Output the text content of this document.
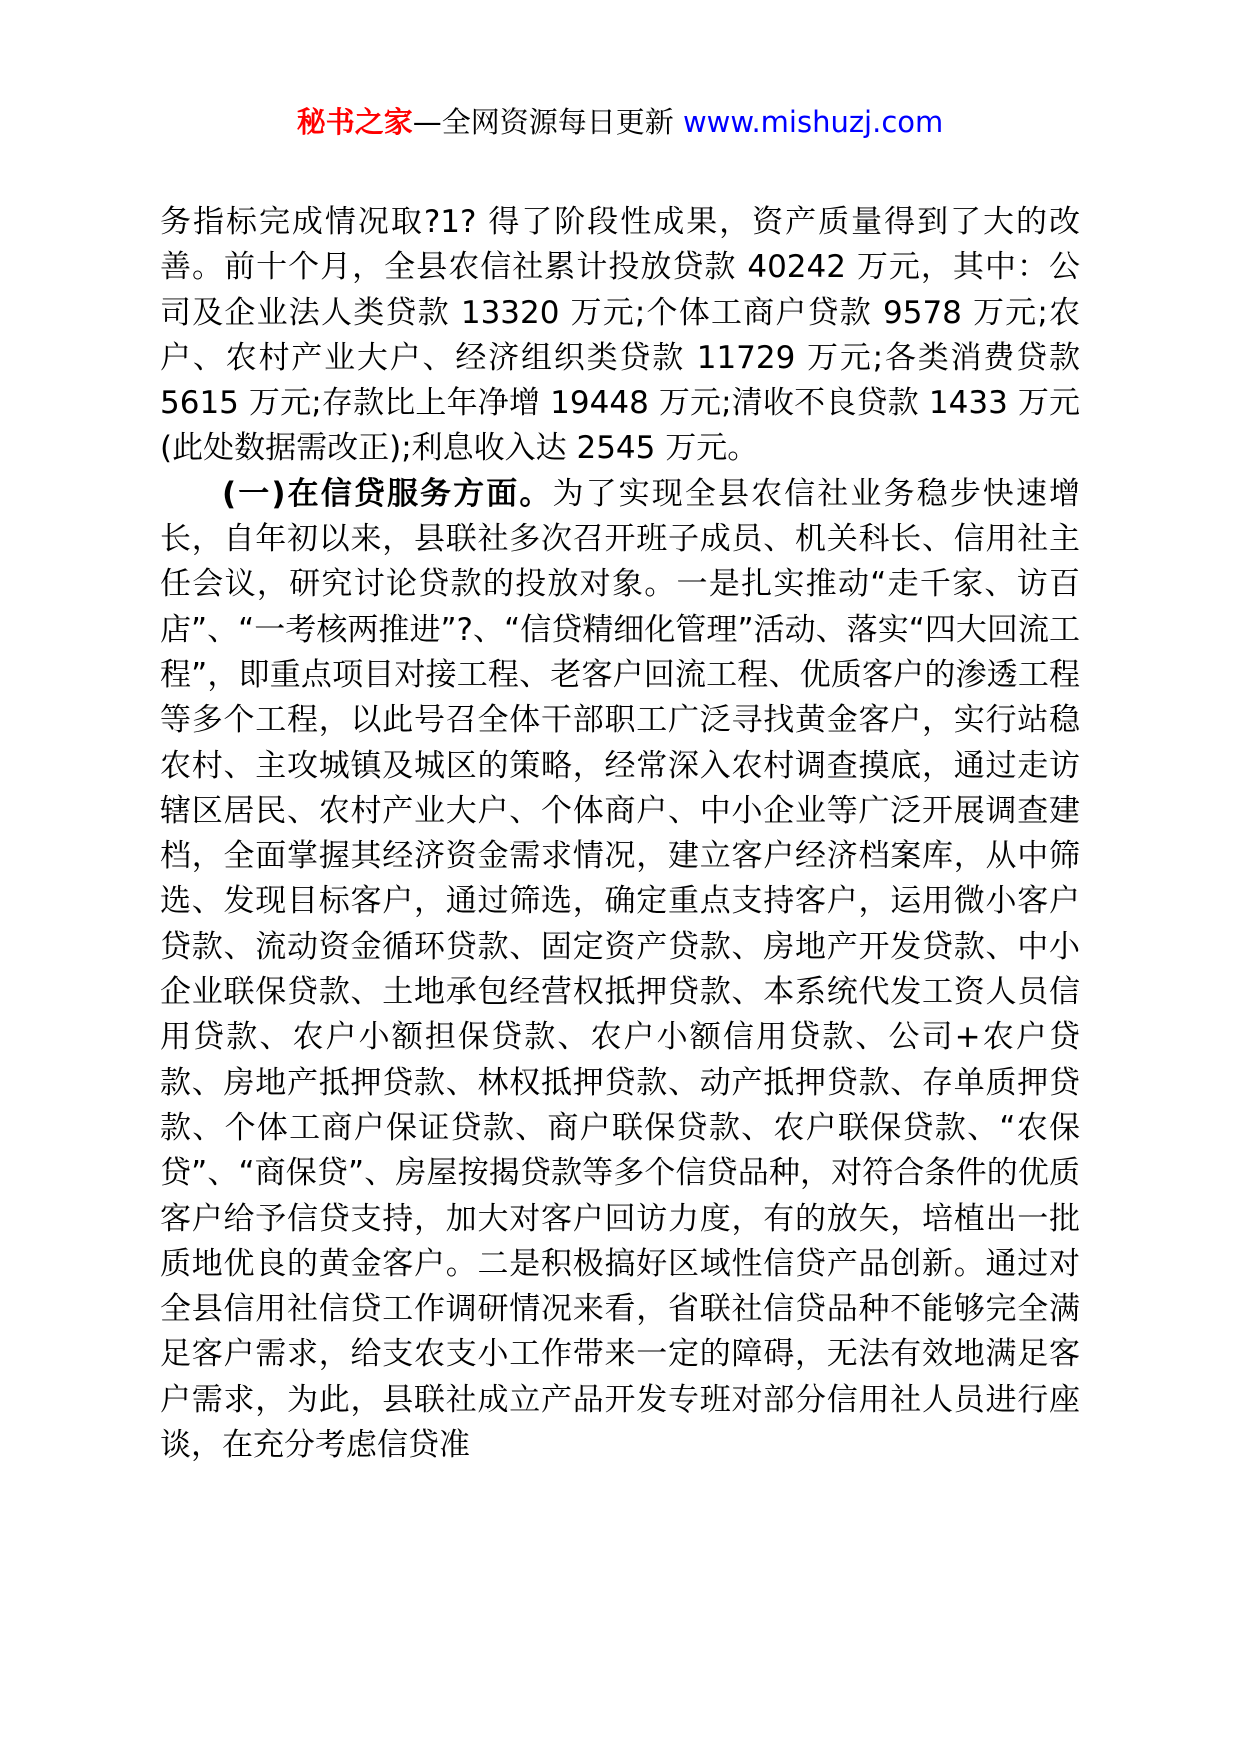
秘书之家—全网资源每日更新 www.mishuzj.com

务指标完成情况取?1? 得了阶段性成果，资产质量得到了大的改善。前十个月，全县农信社累计投放贷款 40242 万元，其中：公司及企业法人类贷款 13320 万元;个体工商户贷款 9578 万元;农户、农村产业大户、经济组织类贷款 11729 万元;各类消费贷款 5615 万元;存款比上年净增 19448 万元;清收不良贷款 1433 万元(此处数据需改正);利息收入达 2545 万元。

(一)在信贷服务方面。为了实现全县农信社业务稳步快速增长，自年初以来，县联社多次召开班子成员、机关科长、信用社主任会议，研究讨论贷款的投放对象。一是扎实推动“走千家、访百店”、“一考核两推进”?、“信贷精细化管理”活动、落实“四大回流工程”，即重点项目对接工程、老客户回流工程、优质客户的渗透工程等多个工程，以此号召全体干部职工广泛寻找黄金客户，实行站稳农村、主攻城镇及城区的策略，经常深入农村调查摸底，通过走访辖区居民、农村产业大户、个体商户、中小企业等广泛开展调查建档，全面掌握其经济资金需求情况，建立客户经济档案库，从中筛选、发现目标客户，通过筛选，确定重点支持客户，运用微小客户贷款、流动资金循环贷款、固定资产贷款、房地产开发贷款、中小企业联保贷款、土地承包经营权抵押贷款、本系统代发工资人员信用贷款、农户小额担保贷款、农户小额信用贷款、公司+农户贷款、房地产抵押贷款、林权抵押贷款、动产抵押贷款、存单质押贷款、个体工商户保证贷款、商户联保贷款、农户联保贷款、“农保贷”、“商保贷”、房屋按揭贷款等多个信贷品种，对符合条件的优质客户给予信贷支持，加大对客户回访力度，有的放矢，培植出一批质地优良的黄金客户。二是积极搞好区域性信贷产品创新。通过对全县信用社信贷工作调研情况来看，省联社信贷品种不能够完全满足客户需求，给支农支小工作带来一定的障碍，无法有效地满足客户需求，为此，县联社成立产品开发专班对部分信用社人员进行座谈，在充分考虑信贷准
